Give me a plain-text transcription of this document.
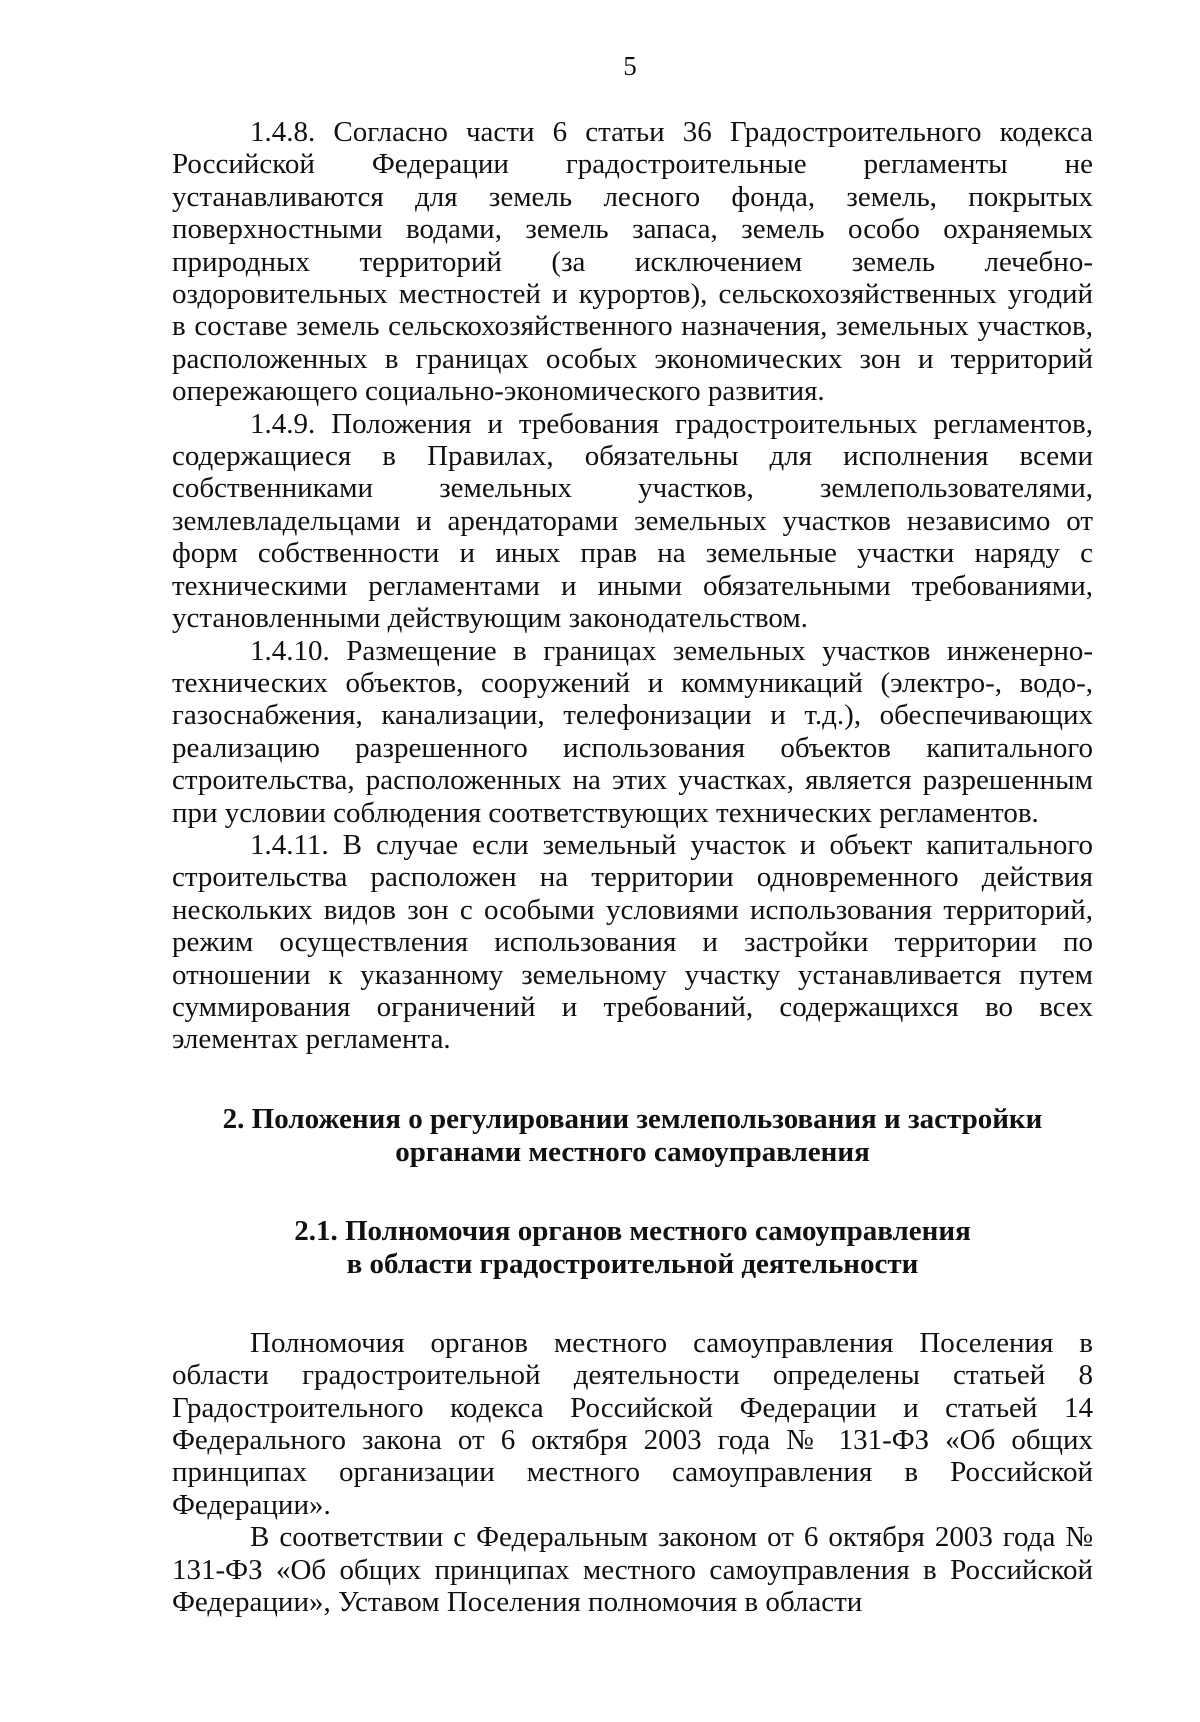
5

1.4.8. Согласно части 6 статьи 36 Градостроительного кодекса Российской Федерации градостроительные регламенты не устанавливаются для земель лесного фонда, земель, покрытых поверхностными водами, земель запаса, земель особо охраняемых природных территорий (за исключением земель лечебно-оздоровительных местностей и курортов), сельскохозяйственных угодий в составе земель сельскохозяйственного назначения, земельных участков, расположенных в границах особых экономических зон и территорий опережающего социально-экономического развития.

1.4.9. Положения и требования градостроительных регламентов, содержащиеся в Правилах, обязательны для исполнения всеми собственниками земельных участков, землепользователями, землевладельцами и арендаторами земельных участков независимо от форм собственности и иных прав на земельные участки наряду с техническими регламентами и иными обязательными требованиями, установленными действующим законодательством.

1.4.10. Размещение в границах земельных участков инженерно-технических объектов, сооружений и коммуникаций (электро-, водо-, газоснабжения, канализации, телефонизации и т.д.), обеспечивающих реализацию разрешенного использования объектов капитального строительства, расположенных на этих участках, является разрешенным при условии соблюдения соответствующих технических регламентов.

1.4.11. В случае если земельный участок и объект капитального строительства расположен на территории одновременного действия нескольких видов зон с особыми условиями использования территорий, режим осуществления использования и застройки территории по отношении к указанному земельному участку устанавливается путем суммирования ограничений и требований, содержащихся во всех элементах регламента.

2. Положения о регулировании землепользования и застройки
органами местного самоуправления
2.1. Полномочия органов местного самоуправления
в области градостроительной деятельности

Полномочия органов местного самоуправления Поселения в области градостроительной деятельности определены статьей 8 Градостроительного кодекса Российской Федерации и статьей 14 Федерального закона от 6 октября 2003 года № 131-ФЗ «Об общих принципах организации местного самоуправления в Российской Федерации».

В соответствии с Федеральным законом от 6 октября 2003 года № 131-ФЗ «Об общих принципах местного самоуправления в Российской Федерации», Уставом Поселения полномочия в области
